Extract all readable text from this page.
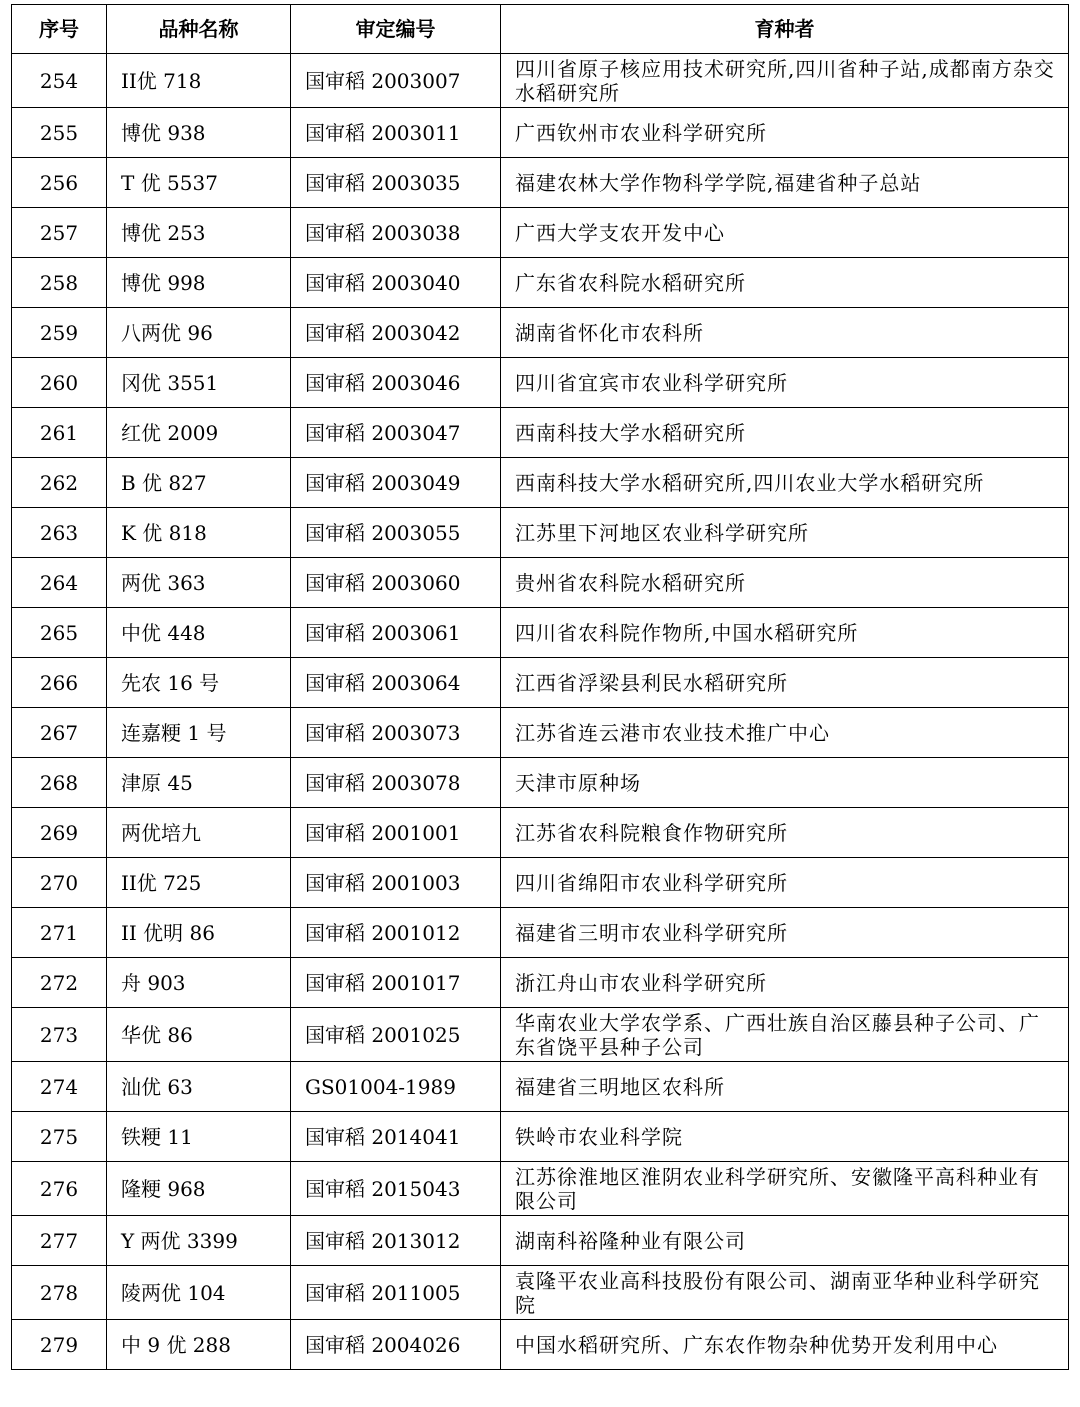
序号	品种名称	审定编号	育种者
254	II优 718	国审稻 2003007	四川省原子核应用技术研究所,四川省种子站,成都南方杂交水稻研究所
255	博优 938	国审稻 2003011	广西钦州市农业科学研究所
256	T 优 5537	国审稻 2003035	福建农林大学作物科学学院,福建省种子总站
257	博优 253	国审稻 2003038	广西大学支农开发中心
258	博优 998	国审稻 2003040	广东省农科院水稻研究所
259	八两优 96	国审稻 2003042	湖南省怀化市农科所
260	冈优 3551	国审稻 2003046	四川省宜宾市农业科学研究所
261	红优 2009	国审稻 2003047	西南科技大学水稻研究所
262	B 优 827	国审稻 2003049	西南科技大学水稻研究所,四川农业大学水稻研究所
263	K 优 818	国审稻 2003055	江苏里下河地区农业科学研究所
264	两优 363	国审稻 2003060	贵州省农科院水稻研究所
265	中优 448	国审稻 2003061	四川省农科院作物所,中国水稻研究所
266	先农 16 号	国审稻 2003064	江西省浮梁县利民水稻研究所
267	连嘉粳 1 号	国审稻 2003073	江苏省连云港市农业技术推广中心
268	津原 45	国审稻 2003078	天津市原种场
269	两优培九	国审稻 2001001	江苏省农科院粮食作物研究所
270	II优 725	国审稻 2001003	四川省绵阳市农业科学研究所
271	II 优明 86	国审稻 2001012	福建省三明市农业科学研究所
272	舟 903	国审稻 2001017	浙江舟山市农业科学研究所
273	华优 86	国审稻 2001025	华南农业大学农学系、广西壮族自治区藤县种子公司、广东省饶平县种子公司
274	汕优 63	GS01004-1989	福建省三明地区农科所
275	铁粳 11	国审稻 2014041	铁岭市农业科学院
276	隆粳 968	国审稻 2015043	江苏徐淮地区淮阴农业科学研究所、安徽隆平高科种业有限公司
277	Y 两优 3399	国审稻 2013012	湖南科裕隆种业有限公司
278	陵两优 104	国审稻 2011005	袁隆平农业高科技股份有限公司、湖南亚华种业科学研究院
279	中 9 优 288	国审稻 2004026	中国水稻研究所、广东农作物杂种优势开发利用中心
